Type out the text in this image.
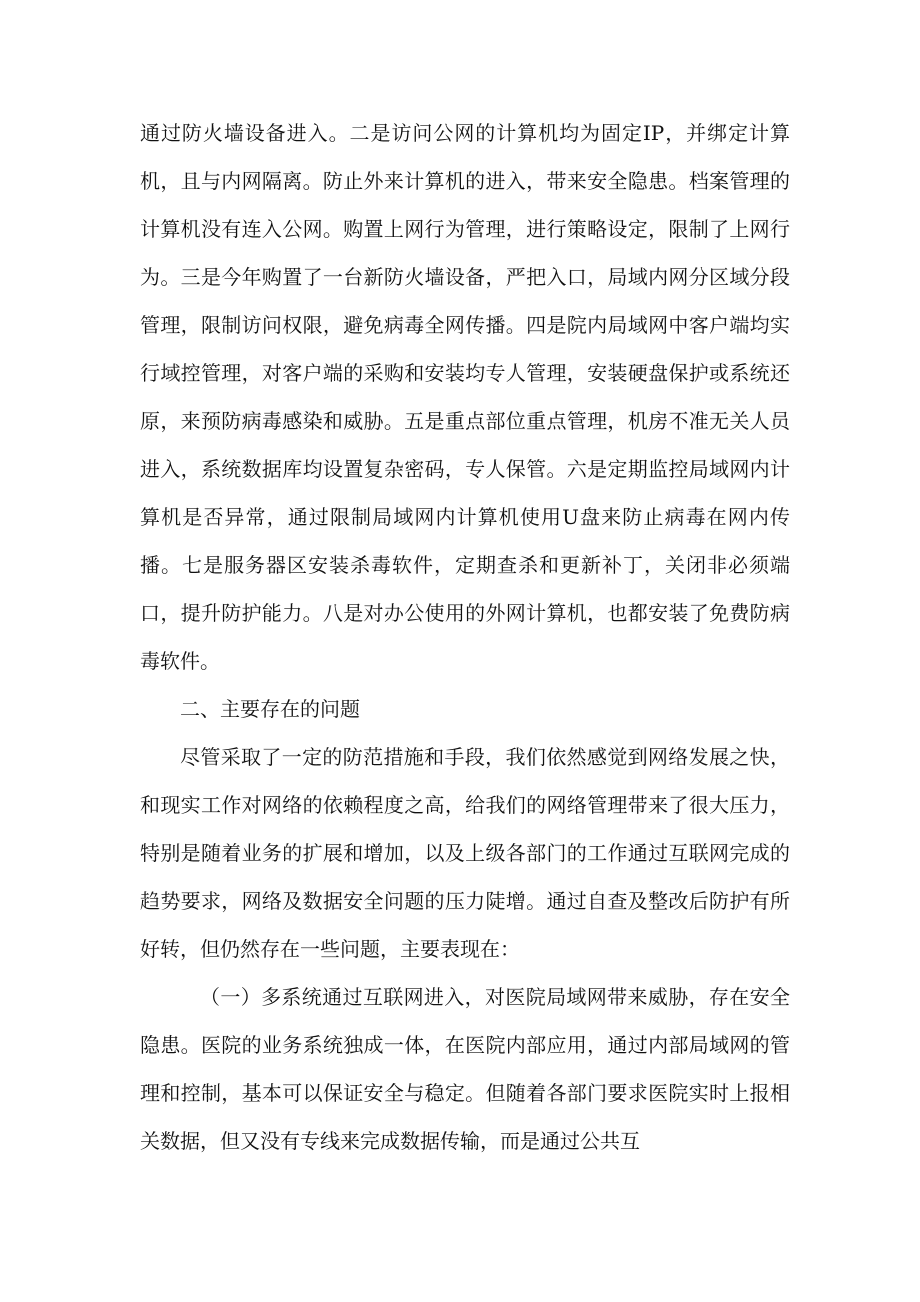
通过防火墙设备进入。二是访问公网的计算机均为固定IP，并绑定计算机，且与内网隔离。防止外来计算机的进入，带来安全隐患。档案管理的计算机没有连入公网。购置上网行为管理，进行策略设定，限制了上网行为。三是今年购置了一台新防火墙设备，严把入口，局域内网分区域分段管理，限制访问权限，避免病毒全网传播。四是院内局域网中客户端均实行域控管理，对客户端的采购和安装均专人管理，安装硬盘保护或系统还原，来预防病毒感染和威胁。五是重点部位重点管理，机房不准无关人员进入，系统数据库均设置复杂密码，专人保管。六是定期监控局域网内计算机是否异常，通过限制局域网内计算机使用U盘来防止病毒在网内传播。七是服务器区安装杀毒软件，定期查杀和更新补丁，关闭非必须端口，提升防护能力。八是对办公使用的外网计算机，也都安装了免费防病毒软件。

二、主要存在的问题

尽管采取了一定的防范措施和手段，我们依然感觉到网络发展之快，和现实工作对网络的依赖程度之高，给我们的网络管理带来了很大压力，特别是随着业务的扩展和增加，以及上级各部门的工作通过互联网完成的趋势要求，网络及数据安全问题的压力陡增。通过自查及整改后防护有所好转，但仍然存在一些问题，主要表现在：

（一）多系统通过互联网进入，对医院局域网带来威胁，存在安全隐患。医院的业务系统独成一体，在医院内部应用，通过内部局域网的管理和控制，基本可以保证安全与稳定。但随着各部门要求医院实时上报相关数据，但又没有专线来完成数据传输，而是通过公共互
